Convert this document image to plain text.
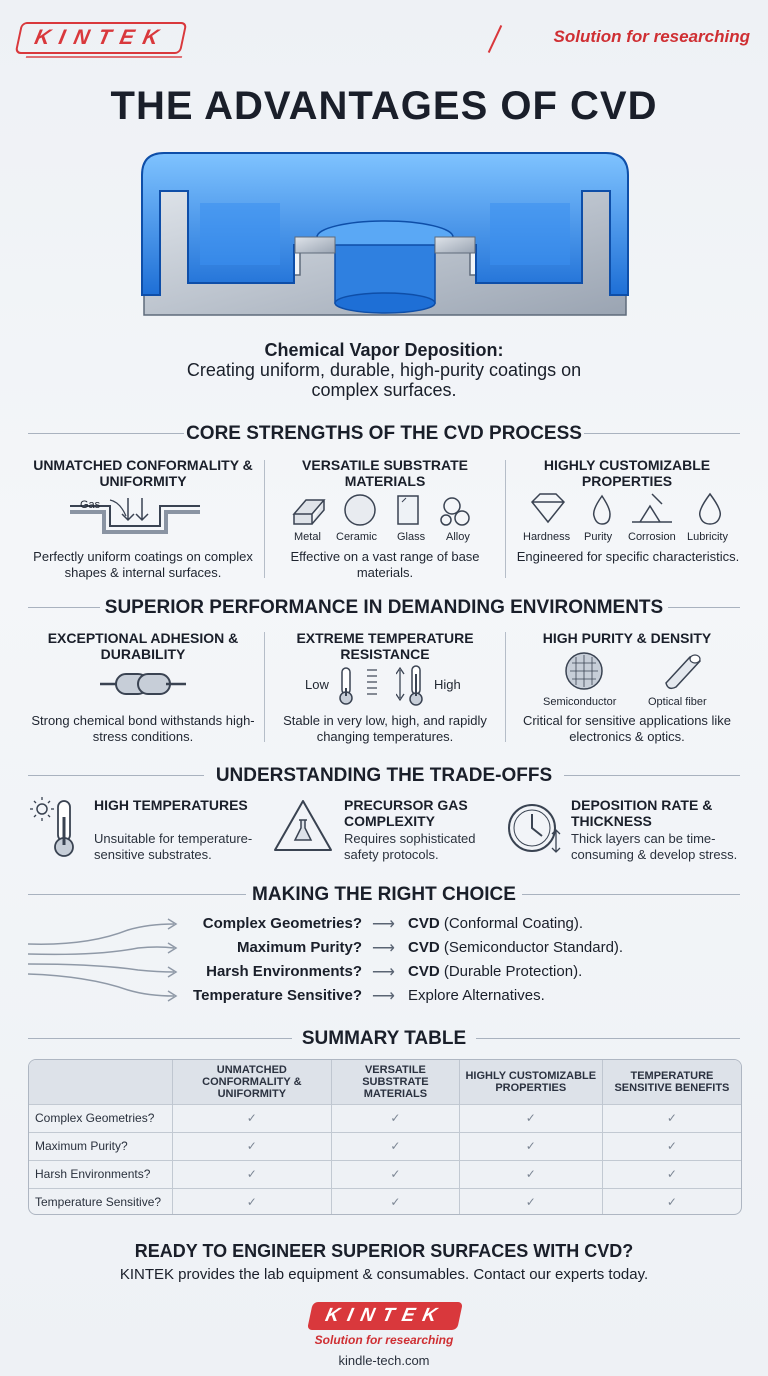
KINTEK	Solution for researching
THE ADVANTAGES OF CVD
Chemical Vapor Deposition:
Creating uniform, durable, high-purity coatings on complex surfaces.
CORE STRENGTHS OF THE CVD PROCESS
UNMATCHED CONFORMALITY & UNIFORMITY
Gas
Perfectly uniform coatings on complex shapes & internal surfaces.
VERSATILE SUBSTRATE MATERIALS
Metal Ceramic Glass Alloy
Effective on a vast range of base materials.
HIGHLY CUSTOMIZABLE PROPERTIES
Hardness Purity Corrosion Lubricity
Engineered for specific characteristics.
SUPERIOR PERFORMANCE IN DEMANDING ENVIRONMENTS
EXCEPTIONAL ADHESION & DURABILITY
Strong chemical bond withstands high-stress conditions.
EXTREME TEMPERATURE RESISTANCE
Low	High
Stable in very low, high, and rapidly changing temperatures.
HIGH PURITY & DENSITY
Semiconductor	Optical fiber
Critical for sensitive applications like electronics & optics.
UNDERSTANDING THE TRADE-OFFS
HIGH TEMPERATURES
Unsuitable for temperature-sensitive substrates.
PRECURSOR GAS COMPLEXITY
Requires sophisticated safety protocols.
DEPOSITION RATE & THICKNESS
Thick layers can be time-consuming & develop stress.
MAKING THE RIGHT CHOICE
Complex Geometries? ⟶ CVD (Conformal Coating).
Maximum Purity? ⟶ CVD (Semiconductor Standard).
Harsh Environments? ⟶ CVD (Durable Protection).
Temperature Sensitive? ⟶ Explore Alternatives.
SUMMARY TABLE
	UNMATCHED CONFORMALITY & UNIFORMITY	VERSATILE SUBSTRATE MATERIALS	HIGHLY CUSTOMIZABLE PROPERTIES	TEMPERATURE SENSITIVE BENEFITS
Complex Geometries?	✓	✓	✓	✓
Maximum Purity?	✓	✓	✓	✓
Harsh Environments?	✓	✓	✓	✓
Temperature Sensitive?	✓	✓	✓	✓
READY TO ENGINEER SUPERIOR SURFACES WITH CVD?
KINTEK provides the lab equipment & consumables. Contact our experts today.
KINTEK
Solution for researching
kindle-tech.com
